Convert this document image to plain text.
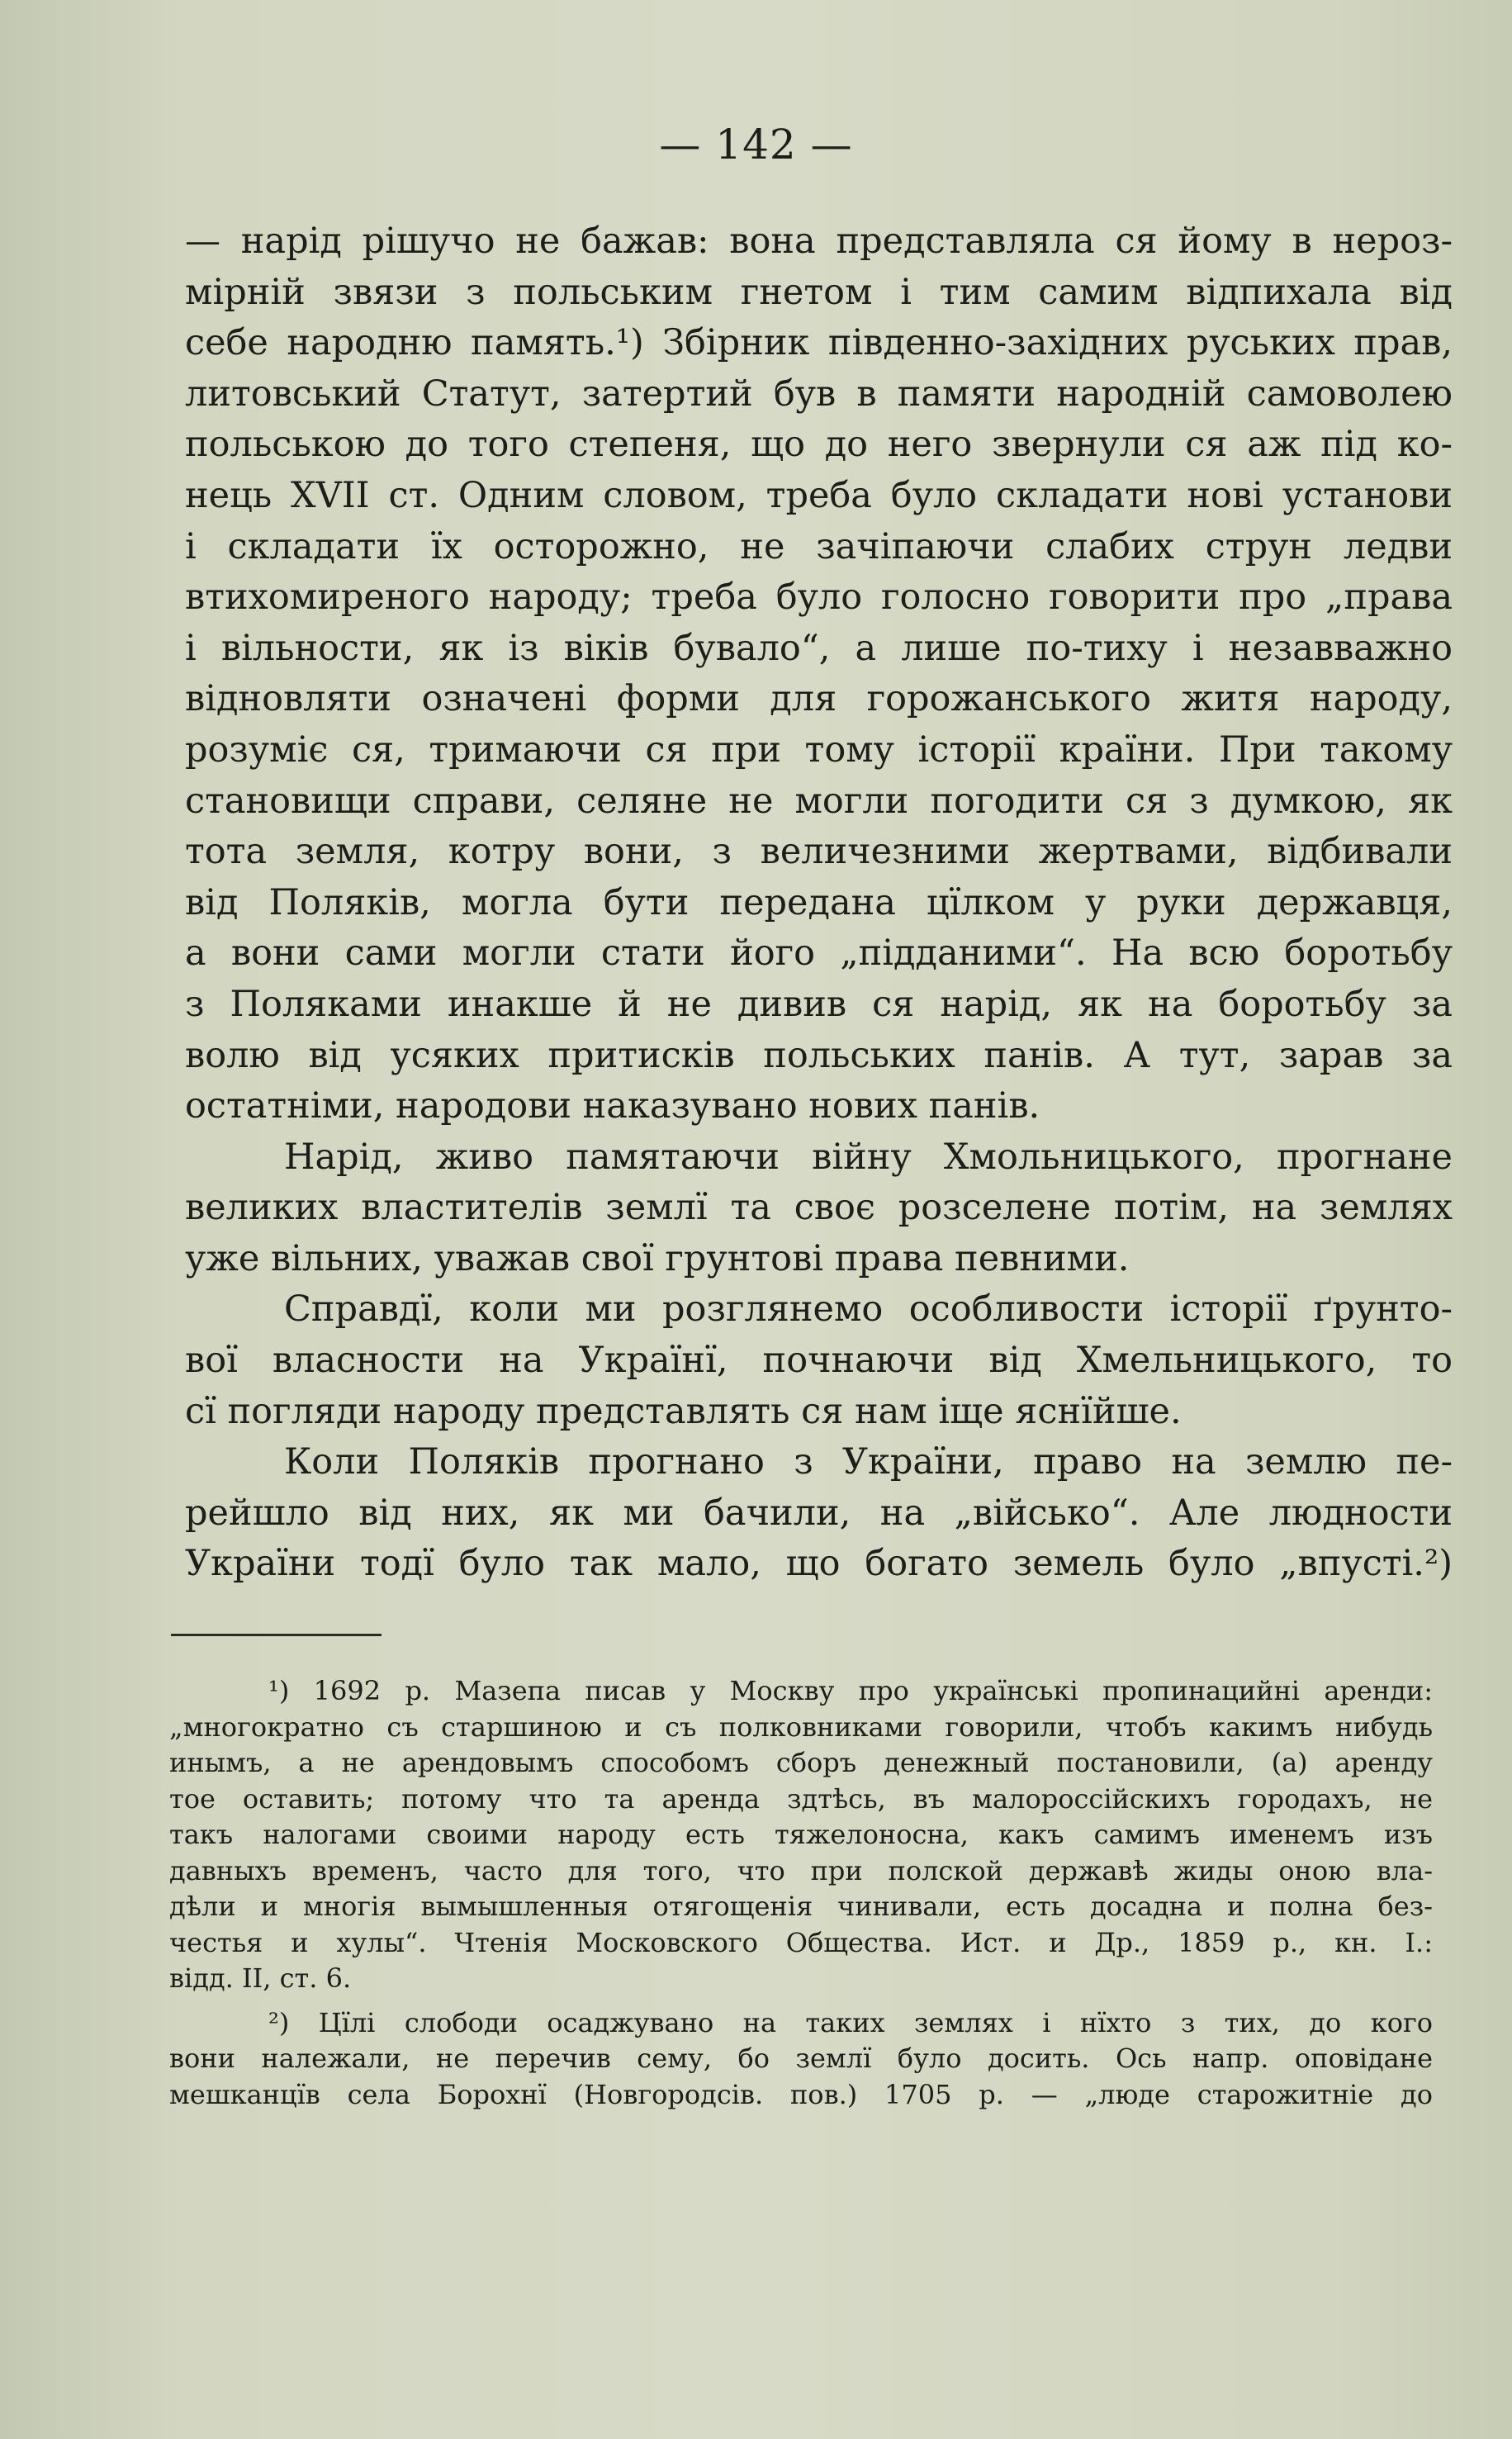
— 142 —
— нарід рішучо не бажав: вона представляла ся йому в нероз-
мірній звязи з польським гнетом і тим самим відпихала від
себе народню память.¹) Збірник південно-західних руських прав,
литовський Статут, затертий був в памяти народній самоволею
польською до того степеня, що до него звернули ся аж під ко-
нець XVII ст. Одним словом, треба було складати нові установи
і складати їх осторожно, не зачіпаючи слабих струн ледви
втихомиреного народу; треба було голосно говорити про „права
і вільности, як із віків бувало“, а лише по-тиху і незавважно
відновляти означені форми для горожанського житя народу,
розуміє ся, тримаючи ся при тому історії країни. При такому
становищи справи, селяне не могли погодити ся з думкою, як
тота земля, котру вони, з величезними жертвами, відбивали
від Поляків, могла бути передана цїлком у руки державця,
а вони сами могли стати його „підданими“. На всю боротьбу
з Поляками инакше й не дивив ся нарід, як на боротьбу за
волю від усяких притисків польських панів. А тут, зарав за
остатніми, народови наказувано нових панів.
Нарід, живо памятаючи війну Хмольницького, прогнане
великих властителів землї та своє розселене потім, на землях
уже вільних, уважав свої грунтові права певними.
Справдї, коли ми розглянемо особливости історії ґрунто-
вої власности на Українї, почнаючи від Хмельницького, то
сї погляди народу представлять ся нам іще яснїйше.
Коли Поляків прогнано з України, право на землю пе-
рейшло від них, як ми бачили, на „військо“. Але людности
України тодї було так мало, що богато земель було „впусті.²)
¹) 1692 р. Мазепа писав у Москву про українські пропинацийні аренди:
„многократно съ старшиною и съ полковниками говорили, чтобъ какимъ нибудь
инымъ, а не арендовымъ способомъ сборъ денежный постановили, (а) аренду
тое оставить; потому что та аренда здтѣсь, въ малороссійскихъ городахъ, не
такъ налогами своими народу есть тяжелоносна, какъ самимъ именемъ изъ
давныхъ временъ, часто для того, что при полской державѣ жиды оною вла-
дѣли и многія вымышленныя отягощенія чинивали, есть досадна и полна без-
честья и хулы“. Чтенія Московского Общества. Иcт. и Др., 1859 р., кн. I.:
відд. II, ст. 6.
²) Цїлі слободи осаджувано на таких землях і нїхто з тих, до кого
вони належали, не перечив сему, бо землї було досить. Ось напр. оповідане
мешканцїв села Борохнї (Новгородсів. пов.) 1705 р. — „люде старожитніе до
